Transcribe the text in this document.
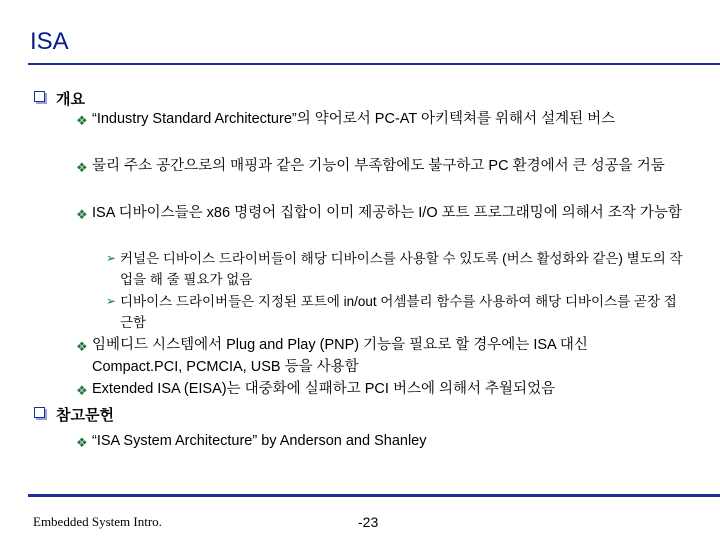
ISA
개요
❖ “Industry Standard Architecture”의 약어로서 PC-AT 아키텍쳐를 위해서 설계된 버스
❖ 물리 주소 공간으로의 매핑과 같은 기능이 부족함에도 불구하고 PC 환경에서 큰 성공을 거둠
❖ ISA 디바이스들은 x86 명령어 집합이 이미 제공하는 I/O 포트 프로그래밍에 의해서 조작 가능함
➢ 커널은 디바이스 드라이버들이 해당 디바이스를 사용할 수 있도록 (버스 활성화와 같은) 별도의 작업을 해 줄 필요가 없음
➢ 디바이스 드라이버들은 지정된 포트에 in/out 어셈블리 함수를 사용하여 해당 디바이스를 곧장 접근함
❖ 임베디드 시스템에서 Plug and Play (PNP) 기능을 필요로 할 경우에는 ISA 대신 Compact.PCI, PCMCIA, USB 등을 사용함
❖ Extended ISA (EISA)는 대중화에 실패하고 PCI 버스에 의해서 추월되었음
참고문헌
❖ “ISA System Architecture” by Anderson and Shanley
Embedded System Intro.	-23
